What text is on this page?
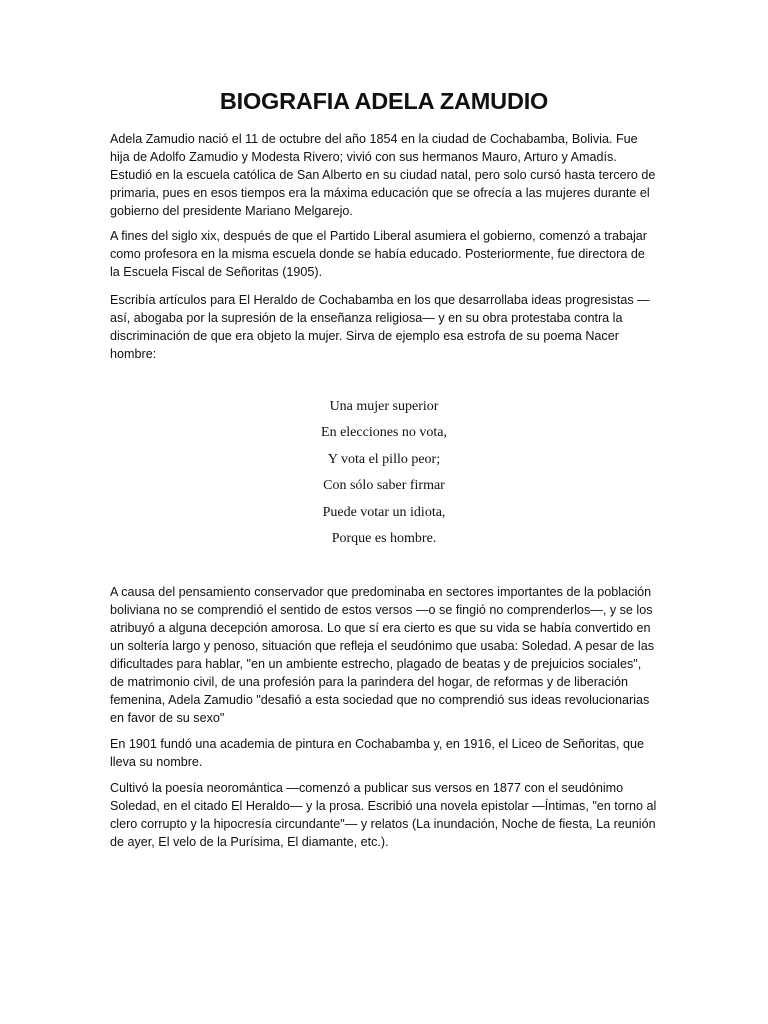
BIOGRAFIA ADELA ZAMUDIO

Adela Zamudio nació el 11 de octubre del año 1854 en la ciudad de Cochabamba, Bolivia. Fue hija de Adolfo Zamudio y Modesta Rivero; vivió con sus hermanos Mauro, Arturo y Amadís. Estudió en la escuela católica de San Alberto en su ciudad natal, pero solo cursó hasta tercero de primaria, pues en esos tiempos era la máxima educación que se ofrecía a las mujeres durante el gobierno del presidente Mariano Melgarejo.

A fines del siglo xix, después de que el Partido Liberal asumiera el gobierno, comenzó a trabajar como profesora en la misma escuela donde se había educado. Posteriormente, fue directora de la Escuela Fiscal de Señoritas (1905).

Escribía artículos para El Heraldo de Cochabamba en los que desarrollaba ideas progresistas —así, abogaba por la supresión de la enseñanza religiosa— y en su obra protestaba contra la discriminación de que era objeto la mujer. Sirva de ejemplo esa estrofa de su poema Nacer hombre:

Una mujer superior
En elecciones no vota,
Y vota el pillo peor;
Con sólo saber firmar
Puede votar un idiota,
Porque es hombre.

A causa del pensamiento conservador que predominaba en sectores importantes de la población boliviana no se comprendió el sentido de estos versos —o se fingió no comprenderlos—, y se los atribuyó a alguna decepción amorosa. Lo que sí era cierto es que su vida se había convertido en un soltería largo y penoso, situación que refleja el seudónimo que usaba: Soledad. A pesar de las dificultades para hablar, "en un ambiente estrecho, plagado de beatas y de prejuicios sociales", de matrimonio civil, de una profesión para la parindera del hogar, de reformas y de liberación femenina, Adela Zamudio "desafió a esta sociedad que no comprendió sus ideas revolucionarias en favor de su sexo"

En 1901 fundó una academia de pintura en Cochabamba y, en 1916, el Liceo de Señoritas, que lleva su nombre.

Cultivó la poesía neoromántica —comenzó a publicar sus versos en 1877 con el seudónimo Soledad, en el citado El Heraldo— y la prosa. Escribió una novela epistolar —Íntimas, "en torno al clero corrupto y la hipocresía circundante"— y relatos (La inundación, Noche de fiesta, La reunión de ayer, El velo de la Purísima, El diamante, etc.).
